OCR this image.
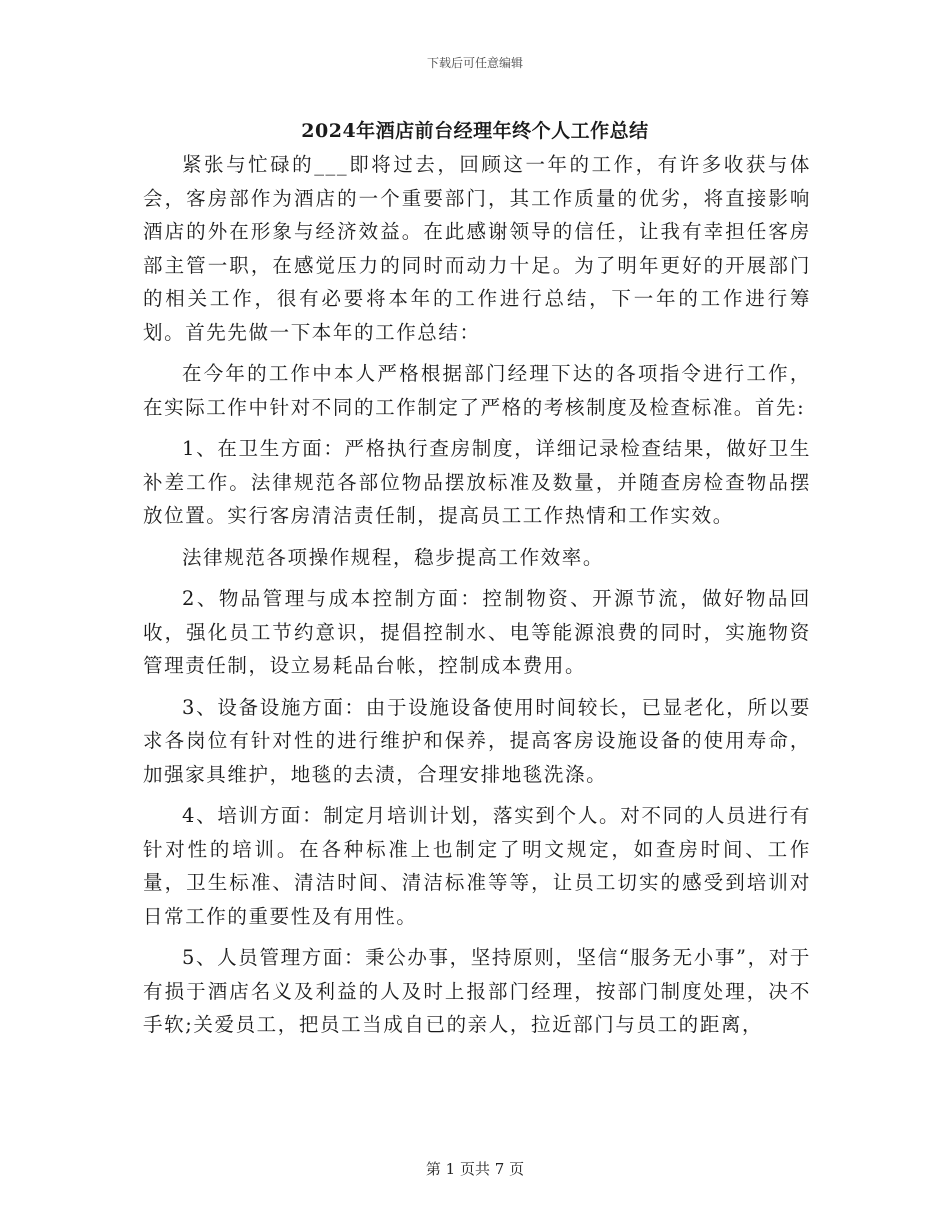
下载后可任意编辑
2024年酒店前台经理年终个人工作总结

紧张与忙碌的___即将过去，回顾这一年的工作，有许多收获与体会，客房部作为酒店的一个重要部门，其工作质量的优劣，将直接影响酒店的外在形象与经济效益。在此感谢领导的信任，让我有幸担任客房部主管一职，在感觉压力的同时而动力十足。为了明年更好的开展部门的相关工作，很有必要将本年的工作进行总结，下一年的工作进行筹划。首先先做一下本年的工作总结：

在今年的工作中本人严格根据部门经理下达的各项指令进行工作，在实际工作中针对不同的工作制定了严格的考核制度及检查标准。首先:

1、在卫生方面：严格执行查房制度，详细记录检查结果，做好卫生补差工作。法律规范各部位物品摆放标准及数量，并随查房检查物品摆放位置。实行客房清洁责任制，提高员工工作热情和工作实效。

法律规范各项操作规程，稳步提高工作效率。

2、物品管理与成本控制方面：控制物资、开源节流，做好物品回收，强化员工节约意识，提倡控制水、电等能源浪费的同时，实施物资管理责任制，设立易耗品台帐，控制成本费用。

3、设备设施方面：由于设施设备使用时间较长，已显老化，所以要求各岗位有针对性的进行维护和保养，提高客房设施设备的使用寿命，加强家具维护，地毯的去渍，合理安排地毯洗涤。

4、培训方面：制定月培训计划，落实到个人。对不同的人员进行有针对性的培训。在各种标准上也制定了明文规定，如查房时间、工作量，卫生标准、清洁时间、清洁标准等等，让员工切实的感受到培训对日常工作的重要性及有用性。

5、人员管理方面：秉公办事，坚持原则，坚信“服务无小事”，对于有损于酒店名义及利益的人及时上报部门经理，按部门制度处理，决不手软;关爱员工，把员工当成自已的亲人，拉近部门与员工的距离，

第 1 页共 7 页
